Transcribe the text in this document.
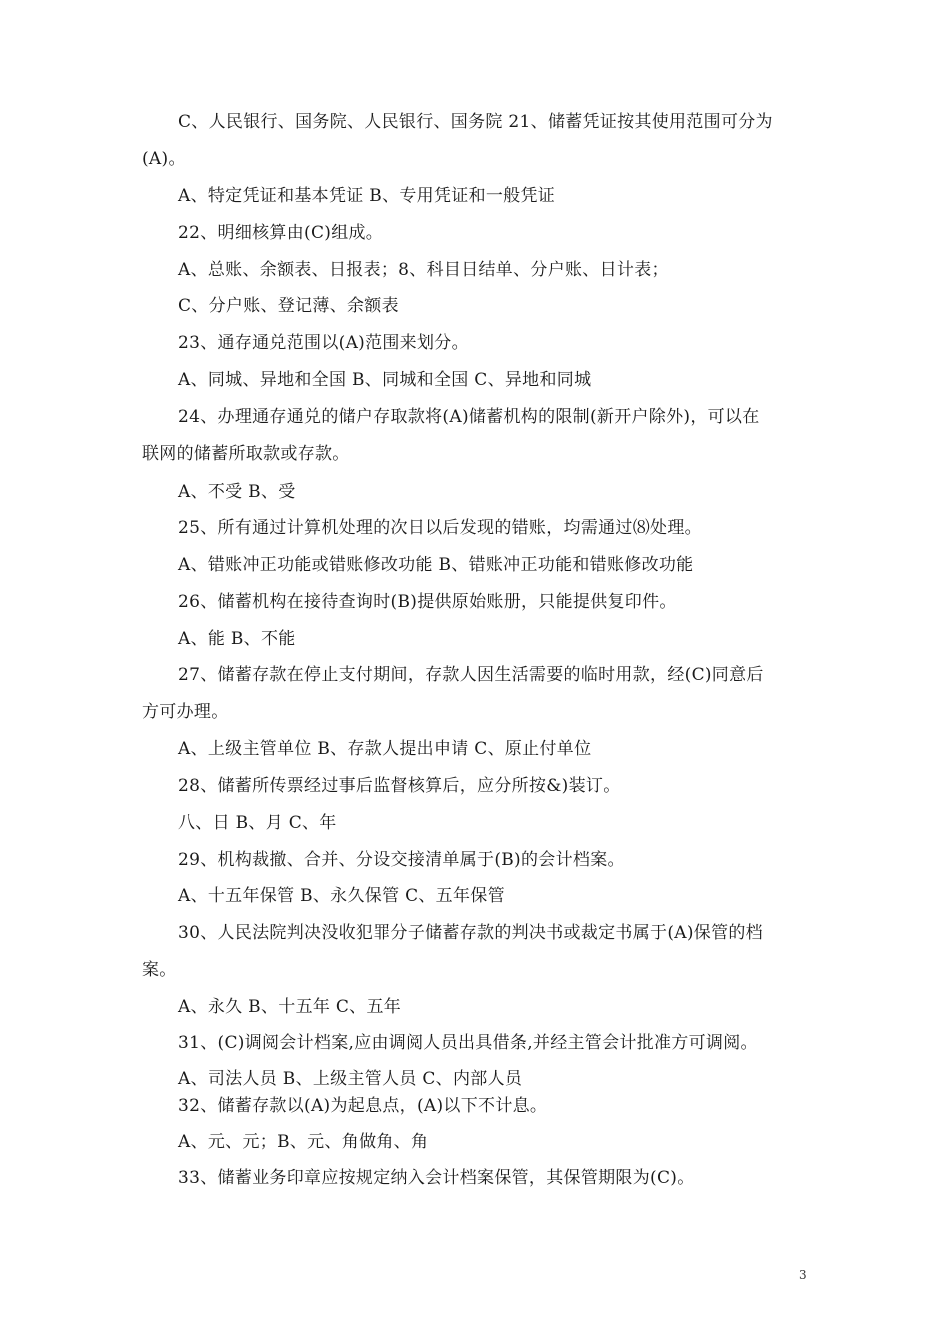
C、人民银行、国务院、人民银行、国务院 21、储蓄凭证按其使用范围可分为
(A)。
A、特定凭证和基本凭证 B、专用凭证和一般凭证
22、明细核算由(C)组成。
A、总账、余额表、日报表；8、科目日结单、分户账、日计表；
C、分户账、登记薄、余额表
23、通存通兑范围以(A)范围来划分。
A、同城、异地和全国 B、同城和全国 C、异地和同城
24、办理通存通兑的储户存取款将(A)储蓄机构的限制(新开户除外)，可以在
联网的储蓄所取款或存款。
A、不受 B、受
25、所有通过计算机处理的次日以后发现的错账，均需通过⑻处理。
A、错账冲正功能或错账修改功能 B、错账冲正功能和错账修改功能
26、储蓄机构在接待查询时(B)提供原始账册，只能提供复印件。
A、能 B、不能
27、储蓄存款在停止支付期间，存款人因生活需要的临时用款，经(C)同意后
方可办理。
A、上级主管单位 B、存款人提出申请 C、原止付单位
28、储蓄所传票经过事后监督核算后，应分所按&)装订。
八、日 B、月 C、年
29、机构裁撤、合并、分设交接清单属于(B)的会计档案。
A、十五年保管 B、永久保管 C、五年保管
30、人民法院判决没收犯罪分子储蓄存款的判决书或裁定书属于(A)保管的档
案。
A、永久 B、十五年 C、五年
31、(C)调阅会计档案,应由调阅人员出具借条,并经主管会计批准方可调阅。
A、司法人员 B、上级主管人员 C、内部人员
32、储蓄存款以(A)为起息点，(A)以下不计息。
A、元、元；B、元、角做角、角
33、储蓄业务印章应按规定纳入会计档案保管，其保管期限为(C)。
3
